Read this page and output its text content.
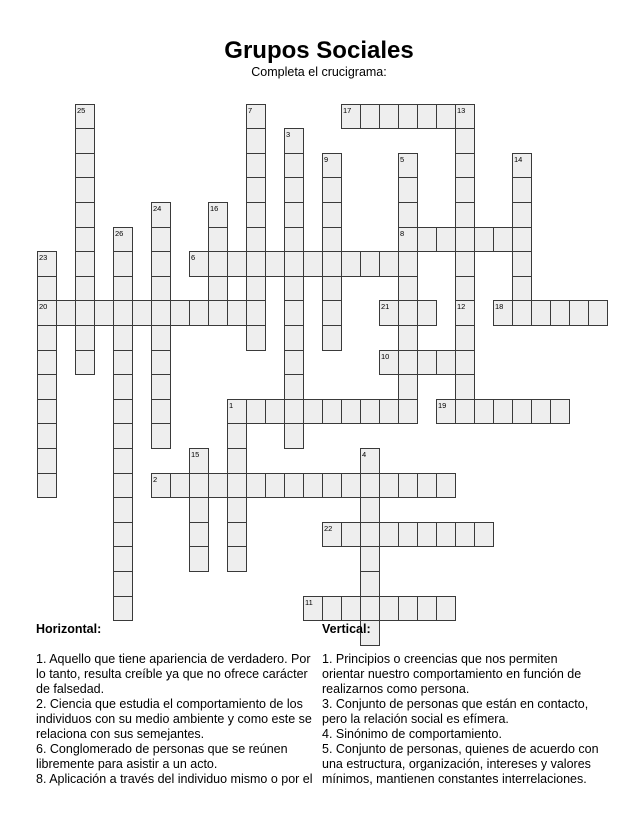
Grupos Sociales
Completa el crucigrama:
25	7	17	13
12
3
9	5
8
14
24	16
26
23
20
6
21	18
10
1	19
15	4
2
22
11
Horizontal:

1. Aquello que tiene apariencia de verdadero. Por lo tanto, resulta creíble ya que no ofrece carácter de falsedad.

2. Ciencia que estudia el comportamiento de los individuos con su medio ambiente y como este se relaciona con sus semejantes.

6. Conglomerado de personas que se reúnen libremente para asistir a un acto.

8. Aplicación a través del individuo mismo o por el

Vertical:

1. Principios o creencias que nos permiten orientar nuestro comportamiento en función de realizarnos como persona.

3. Conjunto de personas que están en contacto, pero la relación social es efímera.

4. Sinónimo de comportamiento.

5. Conjunto de personas, quienes de acuerdo con una estructura, organización, intereses y valores mínimos, mantienen constantes interrelaciones.
